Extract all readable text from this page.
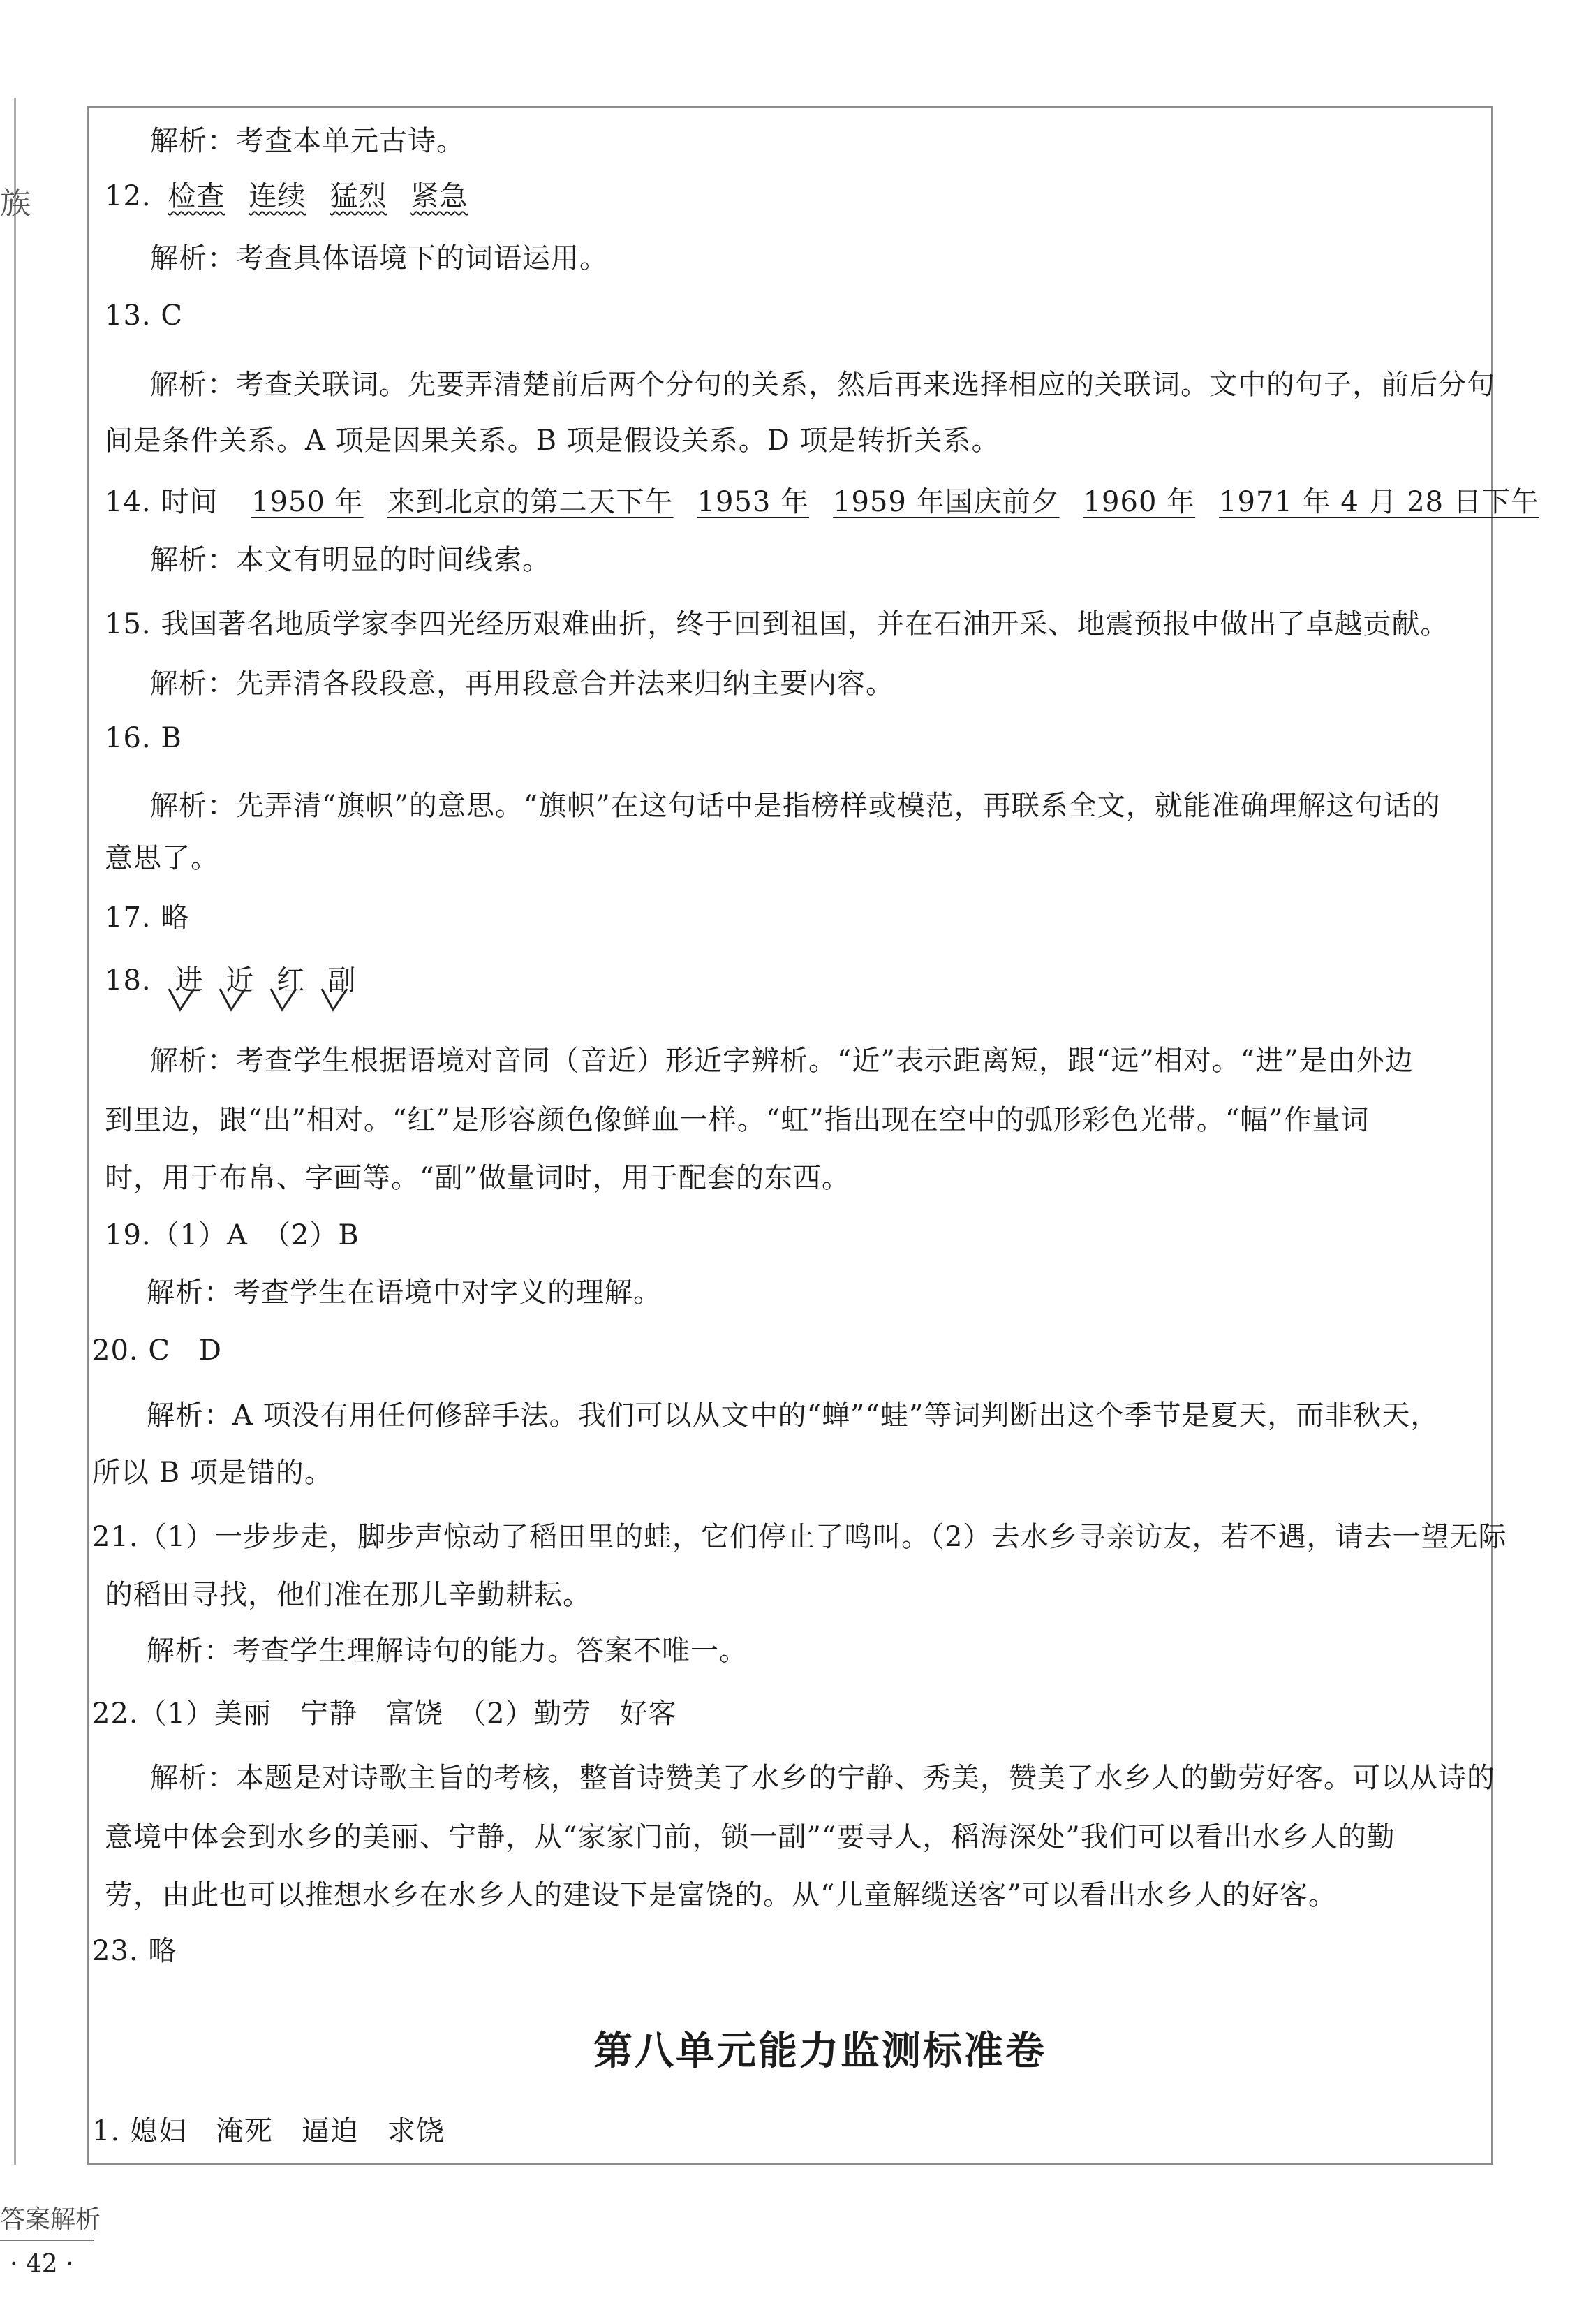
族
解析：考查本单元古诗。
12. 检查 连续 猛烈 紧急
解析：考查具体语境下的词语运用。
13. C
解析：考查关联词。先要弄清楚前后两个分句的关系，然后再来选择相应的关联词。文中的句子，前后分句
间是条件关系。A 项是因果关系。B 项是假设关系。D 项是转折关系。
14. 时间 1950 年 来到北京的第二天下午 1953 年 1959 年国庆前夕 1960 年 1971 年 4 月 28 日下午
解析：本文有明显的时间线索。
15. 我国著名地质学家李四光经历艰难曲折，终于回到祖国，并在石油开采、地震预报中做出了卓越贡献。
解析：先弄清各段段意，再用段意合并法来归纳主要内容。
16. B
解析：先弄清“旗帜”的意思。“旗帜”在这句话中是指榜样或模范，再联系全文，就能准确理解这句话的
意思了。
17. 略
18. 进 近 红 副
解析：考查学生根据语境对音同（音近）形近字辨析。“近”表示距离短，跟“远”相对。“进”是由外边
到里边，跟“出”相对。“红”是形容颜色像鲜血一样。“虹”指出现在空中的弧形彩色光带。“幅”作量词
时，用于布帛、字画等。“副”做量词时，用于配套的东西。
19.（1）A　（2）B
解析：考查学生在语境中对字义的理解。
20. C　D
解析：A 项没有用任何修辞手法。我们可以从文中的“蝉”“蛙”等词判断出这个季节是夏天，而非秋天，
所以 B 项是错的。
21.（1）一步步走，脚步声惊动了稻田里的蛙，它们停止了鸣叫。（2）去水乡寻亲访友，若不遇，请去一望无际
的稻田寻找，他们准在那儿辛勤耕耘。
解析：考查学生理解诗句的能力。答案不唯一。
22.（1）美丽　宁静　富饶　（2）勤劳　好客
解析：本题是对诗歌主旨的考核，整首诗赞美了水乡的宁静、秀美，赞美了水乡人的勤劳好客。可以从诗的
意境中体会到水乡的美丽、宁静，从“家家门前，锁一副”“要寻人，稻海深处”我们可以看出水乡人的勤
劳，由此也可以推想水乡在水乡人的建设下是富饶的。从“儿童解缆送客”可以看出水乡人的好客。
23. 略
第八单元能力监测标准卷
1. 媳妇　淹死　逼迫　求饶
答案解析
· 42 ·
